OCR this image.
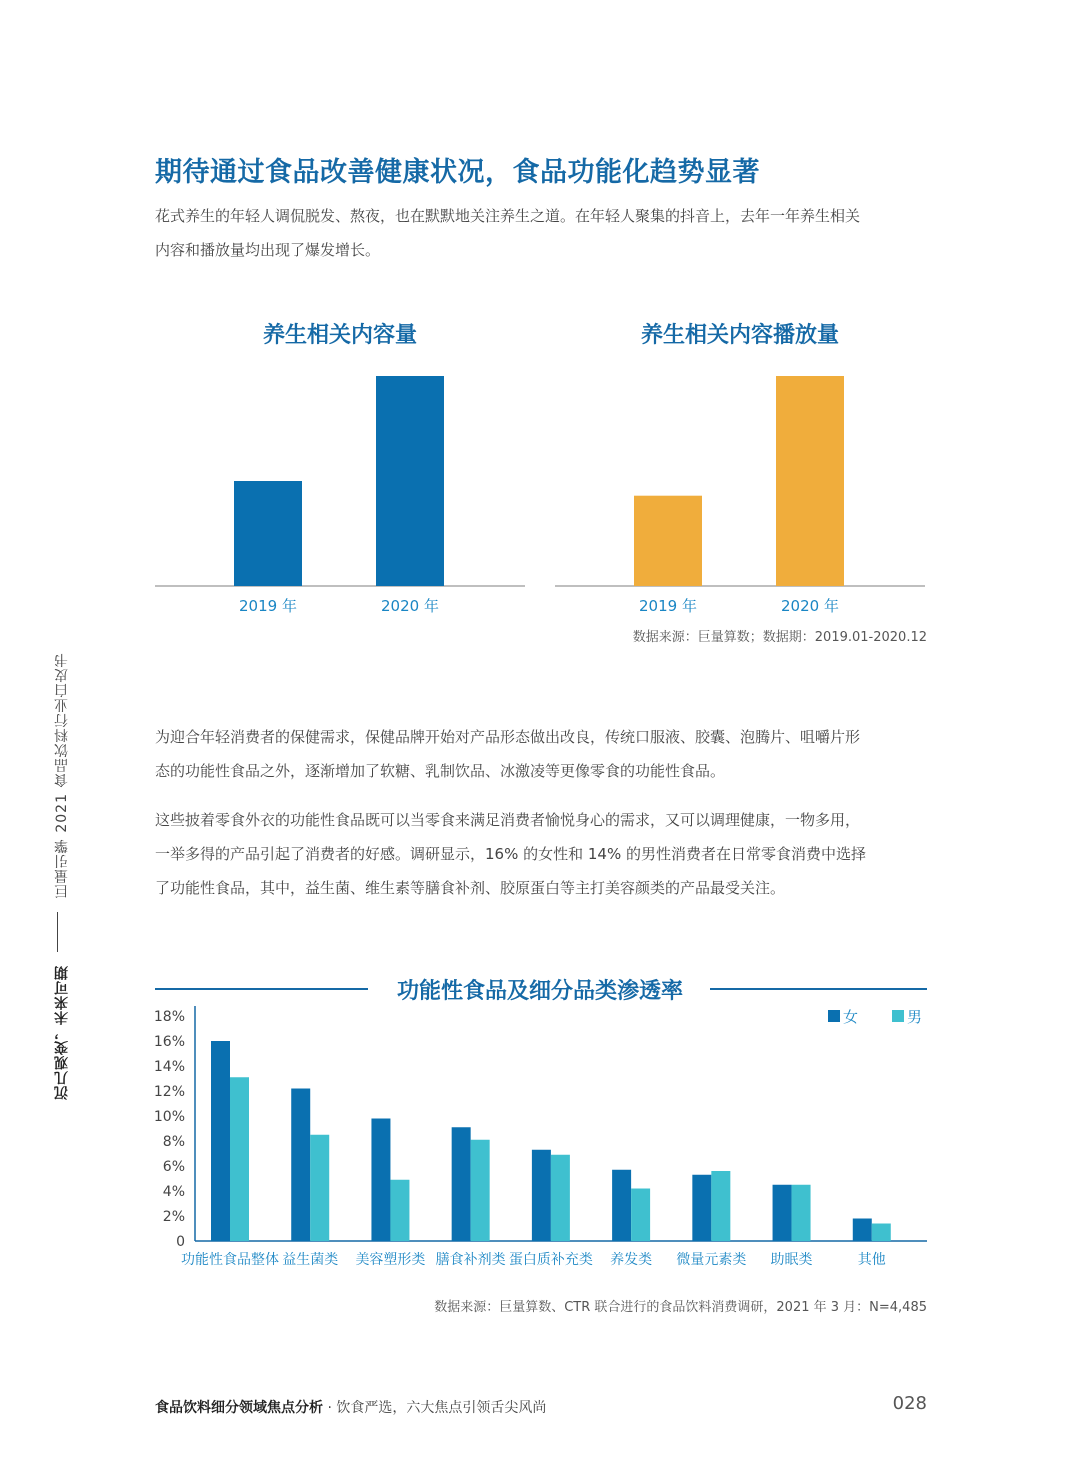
沉几观变，未来可期  巨量引擎 2021 食品饮料行业白皮书
期待通过食品改善健康状况，食品功能化趋势显著

花式养生的年轻人调侃脱发、熬夜，也在默默地关注养生之道。在年轻人聚集的抖音上，去年一年养生相关

内容和播放量均出现了爆发增长。

养生相关内容量	养生相关内容播放量
2019 年	2020 年	2019 年	2020 年
数据来源：巨量算数；数据期：2019.01-2020.12

为迎合年轻消费者的保健需求，保健品牌开始对产品形态做出改良，传统口服液、胶囊、泡腾片、咀嚼片形

态的功能性食品之外，逐渐增加了软糖、乳制饮品、冰激凌等更像零食的功能性食品。

这些披着零食外衣的功能性食品既可以当零食来满足消费者愉悦身心的需求，又可以调理健康，一物多用，

一举多得的产品引起了消费者的好感。调研显示，16% 的女性和 14% 的男性消费者在日常零食消费中选择

了功能性食品，其中，益生菌、维生素等膳食补剂、胶原蛋白等主打美容颜类的产品最受关注。

功能性食品及细分品类渗透率
女	男
0
2%
4%
6%
8%
10%
12%
14%
16%
18%
功能性食品整体 益生菌类 美容塑形类 膳食补剂类 蛋白质补充类 养发类 微量元素类 助眠类	其他
数据来源：巨量算数、CTR 联合进行的食品饮料消费调研，2021 年 3 月：N=4,485
食品饮料细分领域焦点分析 · 饮食严选，六大焦点引领舌尖风尚	028
